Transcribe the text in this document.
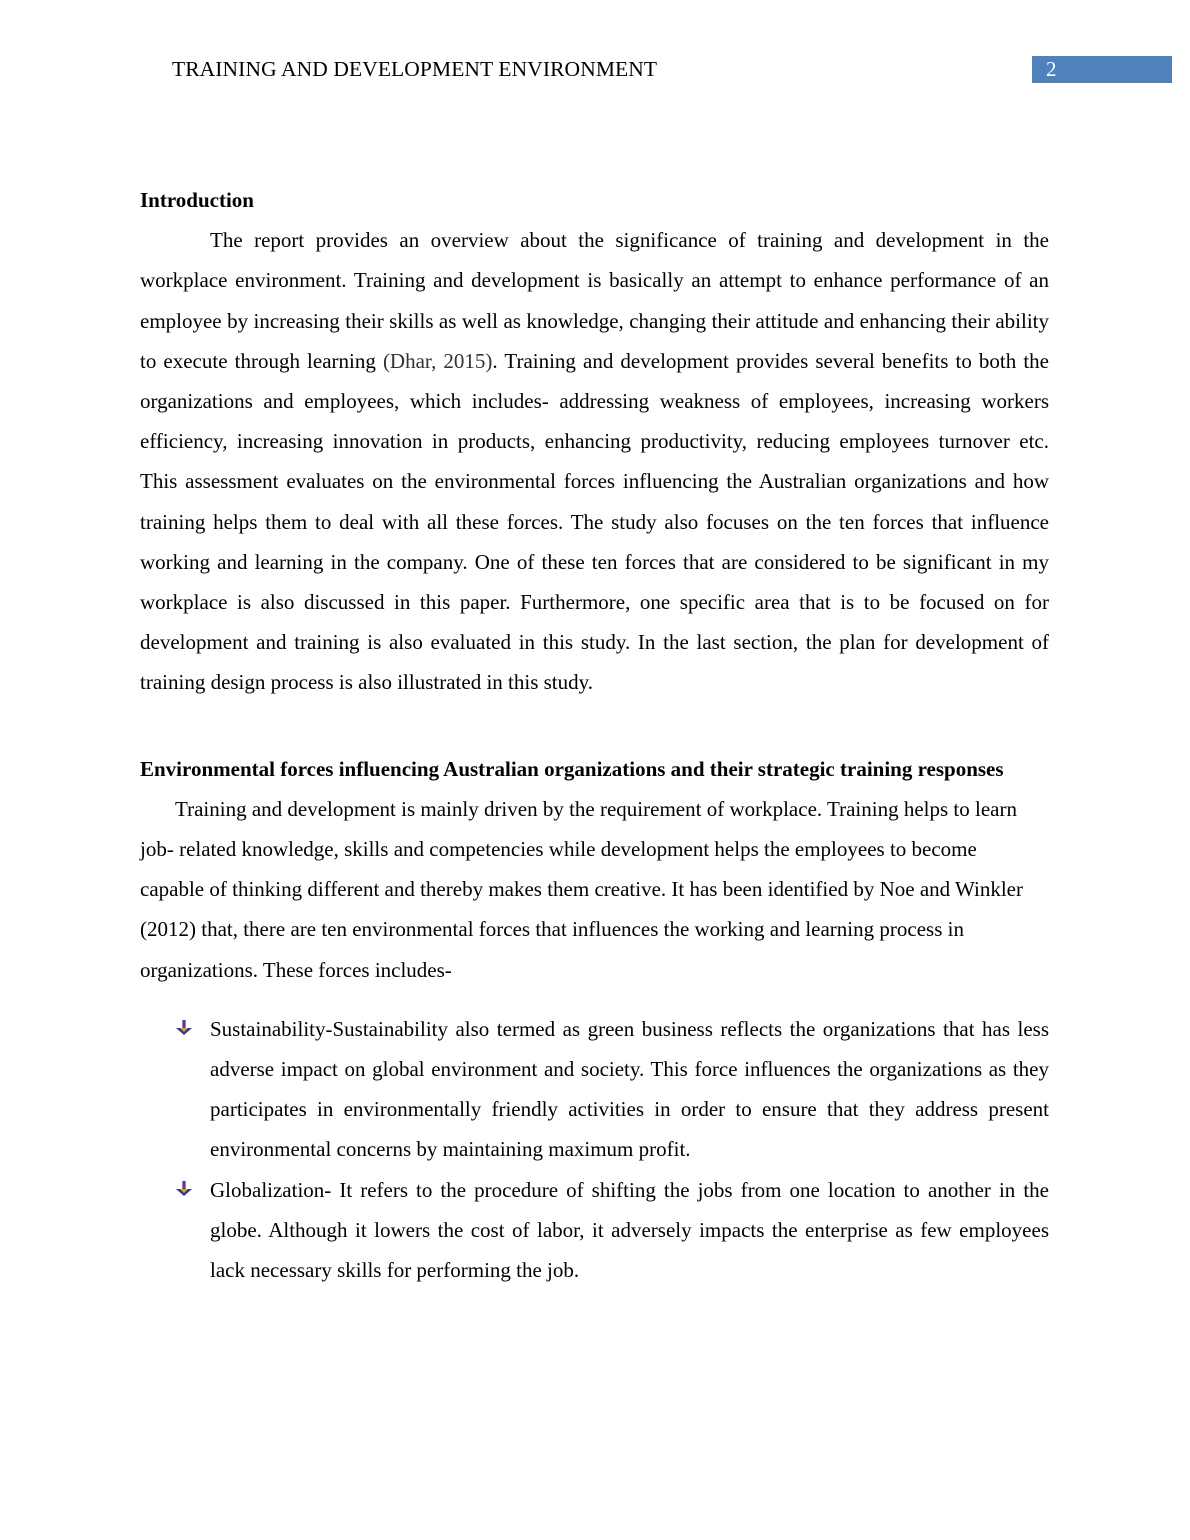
TRAINING AND DEVELOPMENT ENVIRONMENT	2
Introduction

The report provides an overview about the significance of training and development in the workplace environment. Training and development is basically an attempt to enhance performance of an employee by increasing their skills as well as knowledge, changing their attitude and enhancing their ability to execute through learning (Dhar, 2015). Training and development provides several benefits to both the organizations and employees, which includes- addressing weakness of employees, increasing workers efficiency, increasing innovation in products, enhancing productivity, reducing employees turnover etc. This assessment evaluates on the environmental forces influencing the Australian organizations and how training helps them to deal with all these forces. The study also focuses on the ten forces that influence working and learning in the company. One of these ten forces that are considered to be significant in my workplace is also discussed in this paper. Furthermore, one specific area that is to be focused on for development and training is also evaluated in this study. In the last section, the plan for development of training design process is also illustrated in this study.

Environmental forces influencing Australian organizations and their strategic training responses

Training and development is mainly driven by the requirement of workplace. Training helps to learn job- related knowledge, skills and competencies while development helps the employees to become capable of thinking different and thereby makes them creative. It has been identified by Noe and Winkler (2012) that, there are ten environmental forces that influences the working and learning process in organizations. These forces includes-

Sustainability-Sustainability also termed as green business reflects the organizations that has less adverse impact on global environment and society. This force influences the organizations as they participates in environmentally friendly activities in order to ensure that they address present environmental concerns by maintaining maximum profit.
Globalization- It refers to the procedure of shifting the jobs from one location to another in the globe. Although it lowers the cost of labor, it adversely impacts the enterprise as few employees lack necessary skills for performing the job.
